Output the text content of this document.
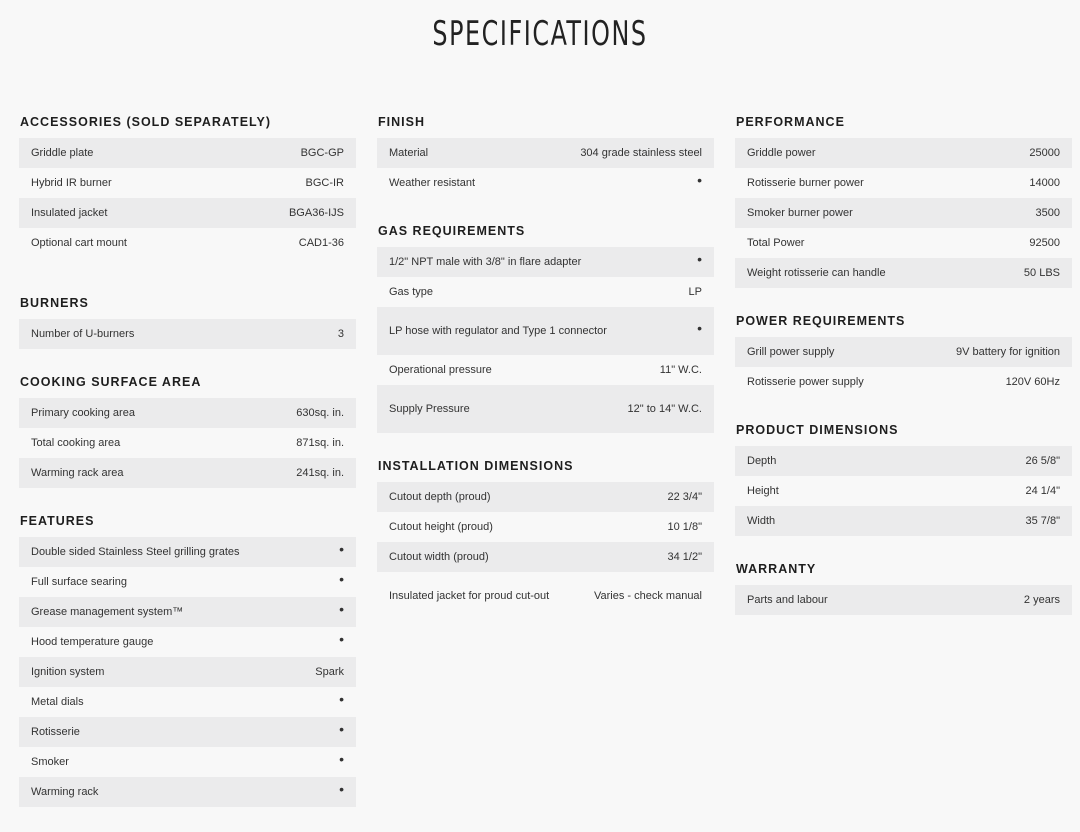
SPECIFICATIONS
ACCESSORIES (SOLD SEPARATELY)
Griddle plate	BGC-GP
Hybrid IR burner	BGC-IR
Insulated jacket	BGA36-IJS
Optional cart mount	CAD1-36
BURNERS
Number of U-burners	3
COOKING SURFACE AREA
Primary cooking area	630sq. in.
Total cooking area	871sq. in.
Warming rack area	241sq. in.
FEATURES
Double sided Stainless Steel grilling grates	•
Full surface searing	•
Grease management system™	•
Hood temperature gauge	•
Ignition system	Spark
Metal dials	•
Rotisserie	•
Smoker	•
Warming rack	•
FINISH
Material	304 grade stainless steel
Weather resistant	•
GAS REQUIREMENTS
1/2" NPT male with 3/8" in flare adapter	•
Gas type	LP
LP hose with regulator and Type 1 connector	•
Operational pressure	11" W.C.
Supply Pressure	12" to 14" W.C.
INSTALLATION DIMENSIONS
Cutout depth (proud)	22 3/4"
Cutout height (proud)	10 1/8"
Cutout width (proud)	34 1/2"
Insulated jacket for proud cut-out	Varies - check manual
PERFORMANCE
Griddle power	25000
Rotisserie burner power	14000
Smoker burner power	3500
Total Power	92500
Weight rotisserie can handle	50 LBS
POWER REQUIREMENTS
Grill power supply	9V battery for ignition
Rotisserie power supply	120V 60Hz
PRODUCT DIMENSIONS
Depth	26 5/8"
Height	24 1/4"
Width	35 7/8"
WARRANTY
Parts and labour	2 years
